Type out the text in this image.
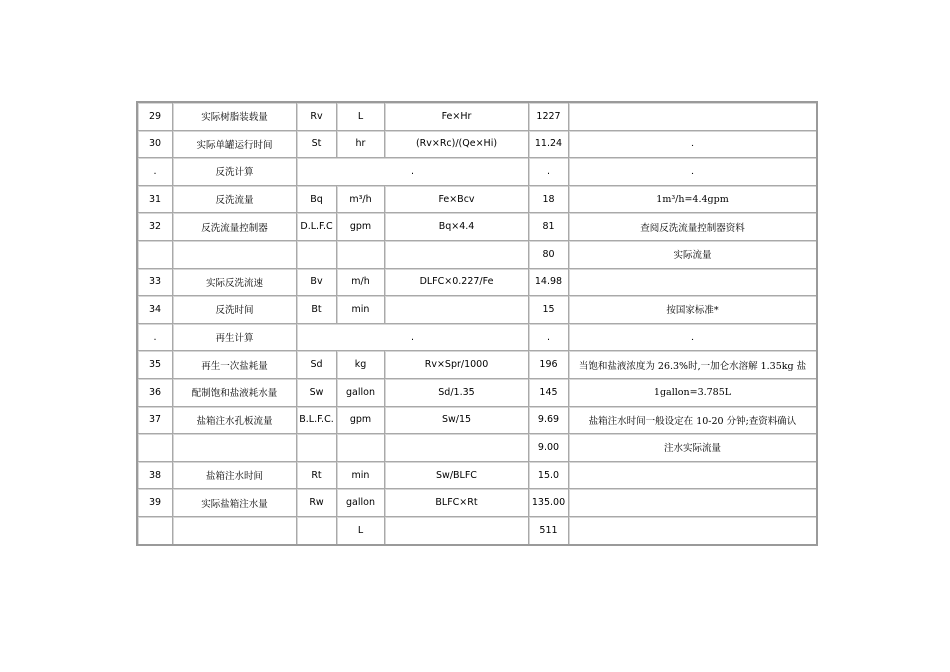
29	实际树脂装载量	Rv	L	Fe×Hr	1227	
30	实际单罐运行时间	St	hr	(Rv×Rc)/(Qe×Hi)	11.24	.
.	反洗计算	.			.	.
31	反洗流量	Bq	m³/h	Fe×Bcv	18	1m³/h=4.4gpm
32	反洗流量控制器	D.L.F.C	gpm	Bq×4.4	81	查阅反洗流量控制器资料
					80	实际流量
33	实际反洗流速	Bv	m/h	DLFC×0.227/Fe	14.98	
34	反洗时间	Bt	min		15	按国家标准*
.	再生计算	.			.	.
35	再生一次盐耗量	Sd	kg	Rv×Spr/1000	196	当饱和盐液浓度为 26.3%时,一加仑水溶解 1.35kg 盐
36	配制饱和盐液耗水量	Sw	gallon	Sd/1.35	145	1gallon=3.785L
37	盐箱注水孔板流量	B.L.F.C.	gpm	Sw/15	9.69	盐箱注水时间一般设定在 10-20 分钟;查资料确认
					9.00	注水实际流量
38	盐箱注水时间	Rt	min	Sw/BLFC	15.0	
39	实际盐箱注水量	Rw	gallon	BLFC×Rt	135.00	
			L		511	
